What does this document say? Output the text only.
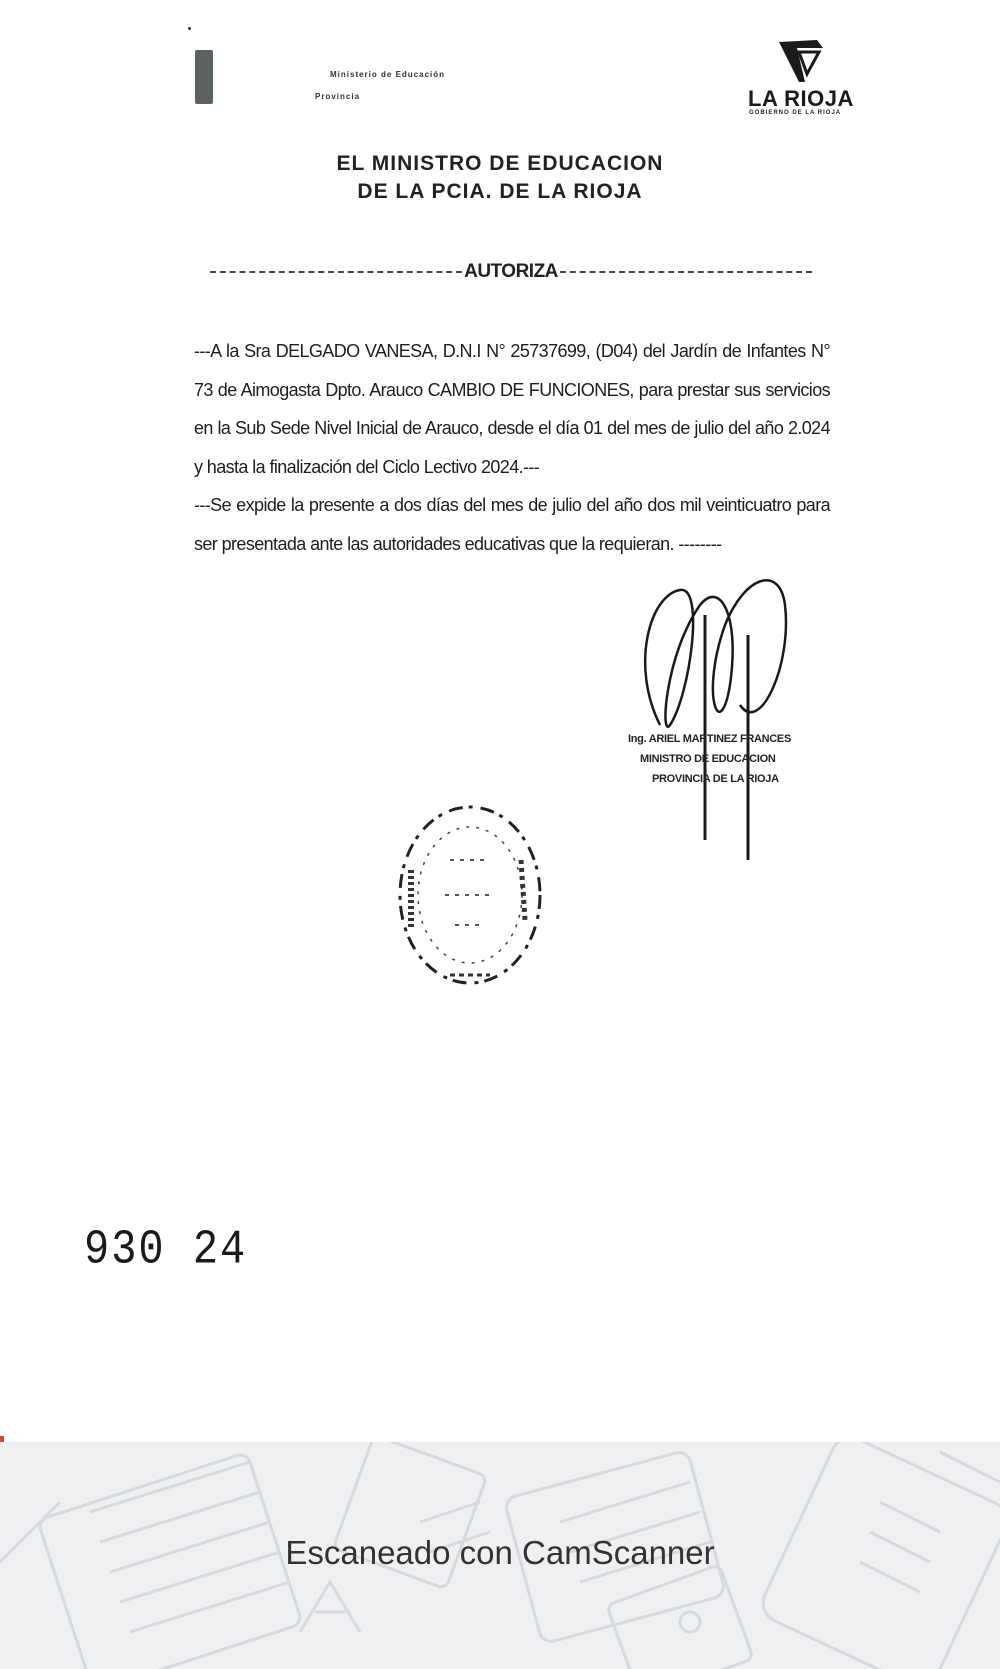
Ministerio de Educación
Provincia	LA RIOJA
GOBIERNO DE LA RIOJA
EL MINISTRO DE EDUCACION
DE LA PCIA. DE LA RIOJA
AUTORIZA

---A la Sra DELGADO VANESA, D.N.I N° 25737699, (D04) del Jardín de Infantes N° 73 de Aimogasta Dpto. Arauco CAMBIO DE FUNCIONES, para prestar sus servicios en la Sub Sede Nivel Inicial de Arauco, desde el día 01 del mes de julio del año 2.024 y hasta la finalización del Ciclo Lectivo 2024.---

---Se expide la presente a dos días del mes de julio del año dos mil veinticuatro para ser presentada ante las autoridades educativas que la requieran. --------

Ing. ARIEL MARTINEZ FRANCES
MINISTRO DE EDUCACION
PROVINCIA DE LA RIOJA
930 24
Escaneado con CamScanner
